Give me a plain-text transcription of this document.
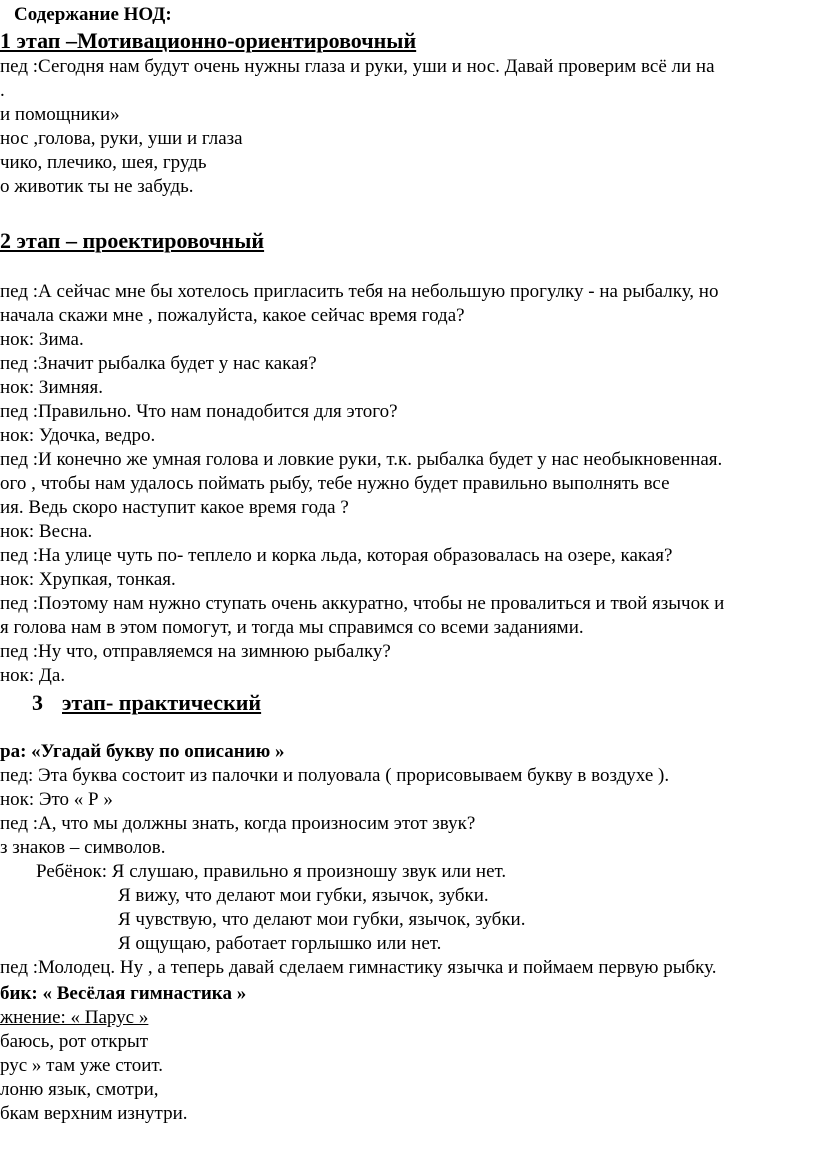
Содержание НОД:
1 этап –Мотивационно-ориентировочный
пед :Сегодня нам будут очень нужны глаза и руки, уши и нос. Давай проверим всё ли на
.
и помощники»
нос ,голова, руки, уши и глаза
чико, плечико, шея, грудь
о животик ты не забудь.
2 этап – проектировочный
пед :А сейчас мне бы хотелось пригласить тебя на небольшую прогулку - на рыбалку, но
начала скажи мне , пожалуйста, какое сейчас время года?
нок: Зима.
пед :Значит рыбалка будет у нас какая?
нок: Зимняя.
пед :Правильно. Что нам понадобится для этого?
нок: Удочка, ведро.
пед :И конечно же умная голова и ловкие руки, т.к. рыбалка будет у нас необыкновенная.
ого , чтобы нам удалось поймать рыбу, тебе нужно будет правильно выполнять все
ия. Ведь скоро наступит какое время года ?
нок: Весна.
пед :На улице чуть по- теплело и корка льда, которая образовалась на озере, какая?
нок: Хрупкая, тонкая.
пед :Поэтому нам нужно ступать очень аккуратно, чтобы не провалиться и твой язычок и
я голова нам в этом помогут, и тогда мы справимся со всеми заданиями.
пед :Ну что, отправляемся на зимнюю рыбалку?
нок: Да.
3 этап- практический
ра: «Угадай букву по описанию »
пед: Эта буква состоит из палочки и полуовала ( прорисовываем букву в воздухе ).
нок: Это « Р »
пед :А, что мы должны знать, когда произносим этот звук?
з знаков – символов.
Ребёнок: Я слушаю, правильно я произношу звук или нет.
Я вижу, что делают мои губки, язычок, зубки.
Я чувствую, что делают мои губки, язычок, зубки.
Я ощущаю, работает горлышко или нет.
пед :Молодец. Ну , а теперь давай сделаем гимнастику язычка и поймаем первую рыбку.
бик: « Весёлая гимнастика »
жнение: « Парус »
баюсь, рот открыт
рус » там уже стоит.
лоню язык, смотри,
бкам верхним изнутри.
